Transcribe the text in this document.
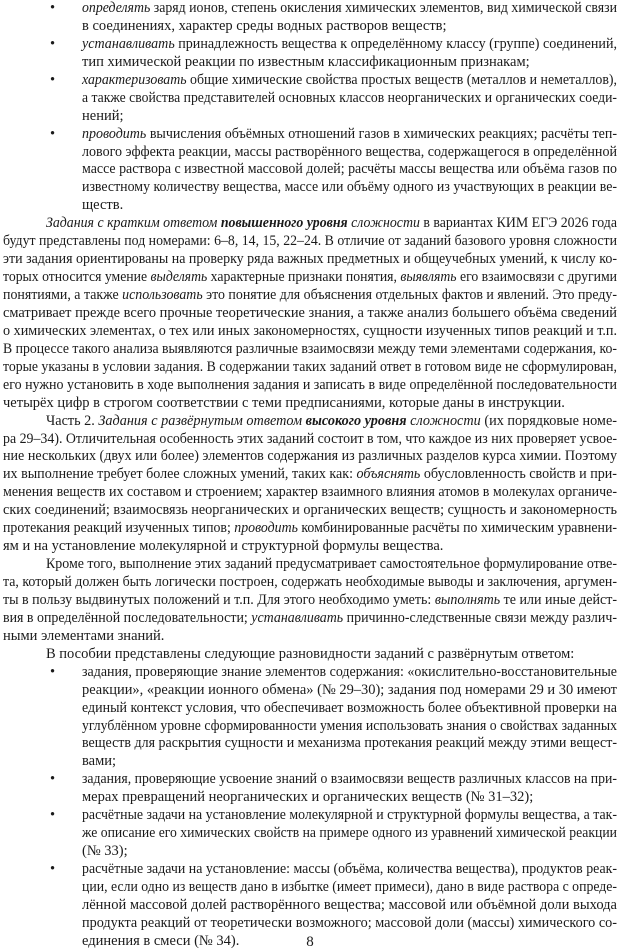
• определять заряд ионов, степень окисления химических элементов, вид химической связи
в соединениях, характер среды водных растворов веществ;
• устанавливать принадлежность вещества к определённому классу (группе) соединений,
тип химической реакции по известным классификационным признакам;
• характеризовать общие химические свойства простых веществ (металлов и неметаллов),
а также свойства представителей основных классов неорганических и органических соеди-
нений;
• проводить вычисления объёмных отношений газов в химических реакциях; расчёты теп-
лового эффекта реакции, массы растворённого вещества, содержащегося в определённой
массе раствора с известной массовой долей; расчёты массы вещества или объёма газов по
известному количеству вещества, массе или объёму одного из участвующих в реакции ве-
ществ.
Задания с кратким ответом повышенного уровня сложности в вариантах КИМ ЕГЭ 2026 года
будут представлены под номерами: 6–8, 14, 15, 22–24. В отличие от заданий базового уровня сложности
эти задания ориентированы на проверку ряда важных предметных и общеучебных умений, к числу ко-
торых относится умение выделять характерные признаки понятия, выявлять его взаимосвязи с другими
понятиями, а также использовать это понятие для объяснения отдельных фактов и явлений. Это преду-
сматривает прежде всего прочные теоретические знания, а также анализ большего объёма сведений
о химических элементах, о тех или иных закономерностях, сущности изученных типов реакций и т.п.
В процессе такого анализа выявляются различные взаимосвязи между теми элементами содержания, ко-
торые указаны в условии задания. В содержании таких заданий ответ в готовом виде не сформулирован,
его нужно установить в ходе выполнения задания и записать в виде определённой последовательности
четырёх цифр в строгом соответствии с теми предписаниями, которые даны в инструкции.
Часть 2. Задания с развёрнутым ответом высокого уровня сложности (их порядковые номе-
ра 29–34). Отличительная особенность этих заданий состоит в том, что каждое из них проверяет усвое-
ние нескольких (двух или более) элементов содержания из различных разделов курса химии. Поэтому
их выполнение требует более сложных умений, таких как: объяснять обусловленность свойств и при-
менения веществ их составом и строением; характер взаимного влияния атомов в молекулах органиче-
ских соединений; взаимосвязь неорганических и органических веществ; сущность и закономерность
протекания реакций изученных типов; проводить комбинированные расчёты по химическим уравнени-
ям и на установление молекулярной и структурной формулы вещества.
Кроме того, выполнение этих заданий предусматривает самостоятельное формулирование отве-
та, который должен быть логически построен, содержать необходимые выводы и заключения, аргумен-
ты в пользу выдвинутых положений и т.п. Для этого необходимо уметь: выполнять те или иные дейст-
вия в определённой последовательности; устанавливать причинно-следственные связи между различ-
ными элементами знаний.
В пособии представлены следующие разновидности заданий с развёрнутым ответом:
• задания, проверяющие знание элементов содержания: «окислительно-восстановительные
реакции», «реакции ионного обмена» (№ 29–30); задания под номерами 29 и 30 имеют
единый контекст условия, что обеспечивает возможность более объективной проверки на
углублённом уровне сформированности умения использовать знания о свойствах заданных
веществ для раскрытия сущности и механизма протекания реакций между этими вещест-
вами;
• задания, проверяющие усвоение знаний о взаимосвязи веществ различных классов на при-
мерах превращений неорганических и органических веществ (№ 31–32);
• расчётные задачи на установление молекулярной и структурной формулы вещества, а так-
же описание его химических свойств на примере одного из уравнений химической реакции
(№ 33);
• расчётные задачи на установление: массы (объёма, количества вещества), продуктов реак-
ции, если одно из веществ дано в избытке (имеет примеси), дано в виде раствора с опреде-
лённой массовой долей растворённого вещества; массовой или объёмной доли выхода
продукта реакций от теоретически возможного; массовой доли (массы) химического со-
единения в смеси (№ 34).	8
